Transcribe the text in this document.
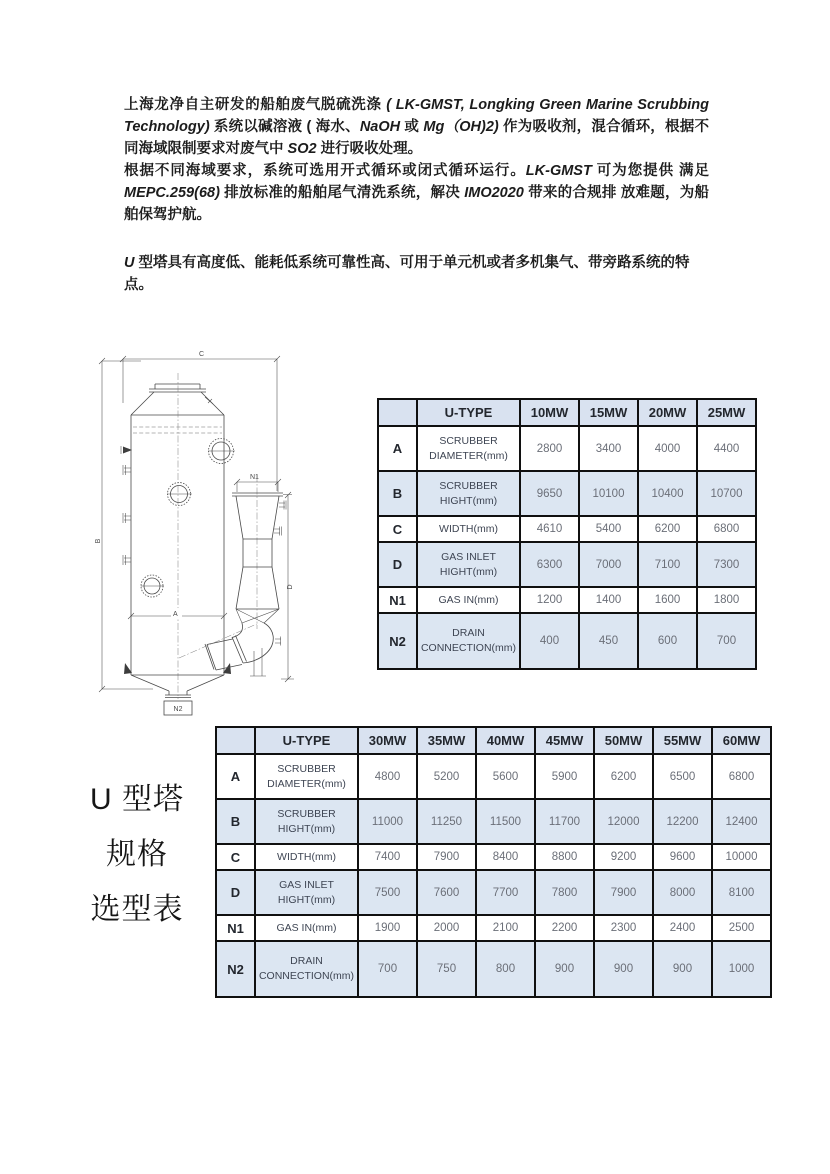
上海龙净自主研发的船舶废气脱硫洗涤 ( LK-GMST, Longking Green Marine Scrubbing Technology) 系统以碱溶液 ( 海水、NaOH 或 Mg（OH)2) 作为吸收剂，混合循环，根据不同海域限制要求对废气中 SO2 进行吸收处理。

根据不同海域要求，系统可选用开式循环或闭式循环运行。LK-GMST 可为您提供 满足 MEPC.259(68) 排放标准的船舶尾气清洗系统，解决 IMO2020 带来的合规排 放难题，为船舶保驾护航。

U 型塔具有高度低、能耗低系统可靠性高、可用于单元机或者多机集气、带旁路系统的特点。

C
B
A
N2
N1
D
	U-TYPE	10MW	15MW	20MW	25MW
A	SCRUBBER DIAMETER(mm)	2800	3400	4000	4400
B	SCRUBBER HIGHT(mm)	9650	10100	10400	10700
C	WIDTH(mm)	4610	5400	6200	6800
D	GAS INLET HIGHT(mm)	6300	7000	7100	7300
N1	GAS IN(mm)	1200	1400	1600	1800
N2	DRAIN CONNECTION(mm)	400	450	600	700
U 型塔
规格
选型表
	U-TYPE	30MW	35MW	40MW	45MW	50MW	55MW	60MW
A	SCRUBBER DIAMETER(mm)	4800	5200	5600	5900	6200	6500	6800
B	SCRUBBER HIGHT(mm)	11000	11250	11500	11700	12000	12200	12400
C	WIDTH(mm)	7400	7900	8400	8800	9200	9600	10000
D	GAS INLET HIGHT(mm)	7500	7600	7700	7800	7900	8000	8100
N1	GAS IN(mm)	1900	2000	2100	2200	2300	2400	2500
N2	DRAIN CONNECTION(mm)	700	750	800	900	900	900	1000
